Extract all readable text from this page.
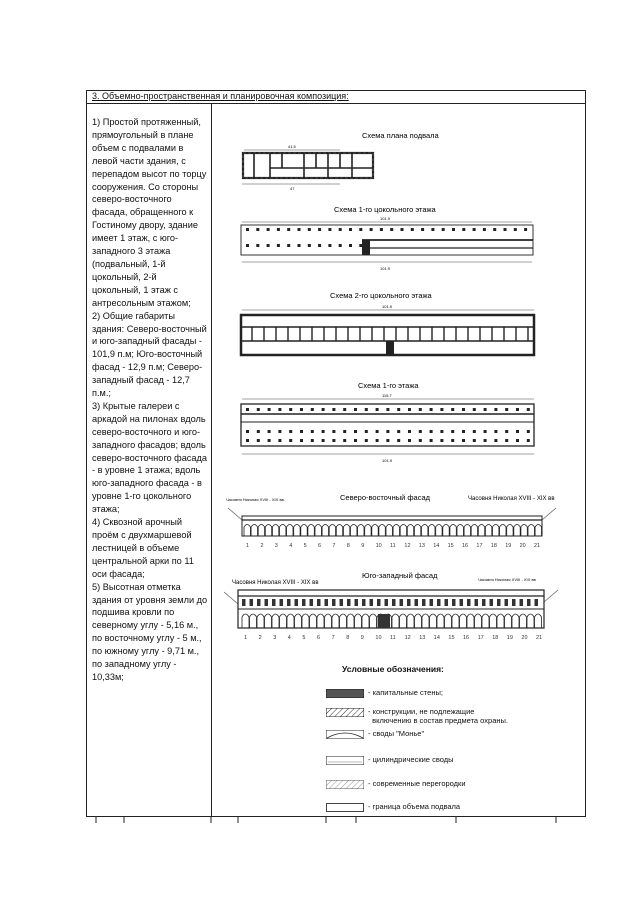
3. Объемно-пространственная и планировочная композиция:
1) Простой протяженный, прямоугольный в плане объем с подвалами в левой части здания, с перепадом высот по торцу сооружения. Со стороны северо-восточного фасада, обращенного к Гостиному двору, здание имеет 1 этаж, с юго-западного 3 этажа (подвальный, 1-й цокольный, 2-й цокольный, 1 этаж с антресольным этажом;
2) Общие габариты здания: Северо-восточный и юго-западный фасады - 101,9 п.м; Юго-восточный фасад - 12,9 п.м; Северо-западный фасад - 12,7 п.м.;
3) Крытые галереи с аркадой на пилонах вдоль северо-восточного и юго-западного фасадов; вдоль северо-восточного фасада - в уровне 1 этажа; вдоль юго-западного фасада - в уровне 1-го цокольного этажа;
4) Сквозной арочный проём с двухмаршевой лестницей в объеме центральной арки по 11 оси фасада;
5) Высотная отметка здания от уровня земли до подшива кровли по северному углу - 5,16 м., по восточному углу - 5 м., по южному углу - 9,71 м., по западному углу - 10,33м;
Схема плана подвала
41.5
47
Схема 1-го цокольного этажа
101.9
101.9
Схема 2-го цокольного этажа
101.9
Схема 1-го этажа
115.7
101.9
Часовня Николая XVIII - XIX вв.	Северо-восточный фасад	Часовня Николая XVIII - XIX вв
1 2 3 4 5 6 7 8 9 10 11 12 13 14 15 16 17 18 19 20 21
Юго-западный фасад
Часовня Николая XVIII - XIX вв
Часовня Николая XVIII - XIX вв
1 2 3 4 5 6 7 8 9 10 11 12 13 14 15 16 17 18 19 20 21
Условные обозначения:
- капитальные стены;
- конструкции, не подлежащие
включению в состав предмета охраны.
- своды "Монье"
- цилиндрические своды
- современные перегородки
- граница объема подвала
